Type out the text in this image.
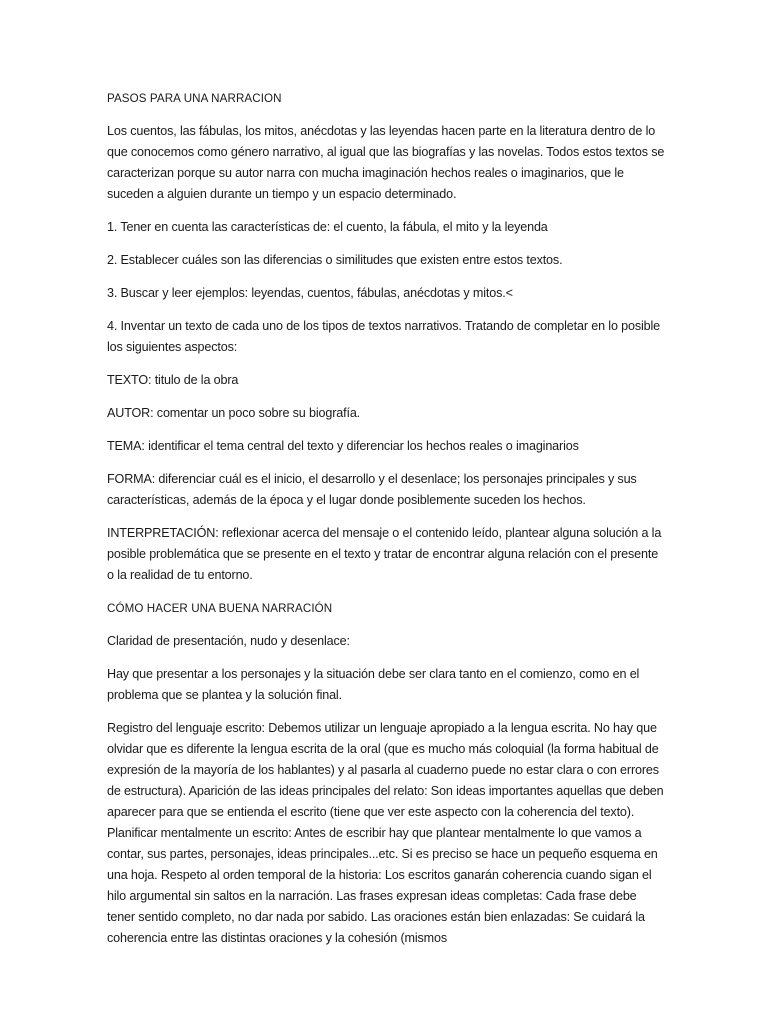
PASOS PARA UNA NARRACION

Los cuentos, las fábulas, los mitos, anécdotas y las leyendas hacen parte en la literatura dentro de lo que conocemos como género narrativo, al igual que las biografías y las novelas. Todos estos textos se caracterizan porque su autor narra con mucha imaginación hechos reales o imaginarios, que le suceden a alguien durante un tiempo y un espacio determinado.

1. Tener en cuenta las características de: el cuento, la fábula, el mito y la leyenda

2. Establecer cuáles son las diferencias o similitudes que existen entre estos textos.

3. Buscar y leer ejemplos: leyendas, cuentos, fábulas, anécdotas y mitos.<

4. Inventar un texto de cada uno de los tipos de textos narrativos. Tratando de completar en lo posible los siguientes aspectos:

TEXTO: titulo de la obra

AUTOR: comentar un poco sobre su biografía.

TEMA: identificar el tema central del texto y diferenciar los hechos reales o imaginarios

FORMA: diferenciar cuál es el inicio, el desarrollo y el desenlace; los personajes principales y sus características, además de la época y el lugar donde posiblemente suceden los hechos.

INTERPRETACIÓN: reflexionar acerca del mensaje o el contenido leído, plantear alguna solución a la posible problemática que se presente en el texto y tratar de encontrar alguna relación con el presente o la realidad de tu entorno.

CÓMO HACER UNA BUENA NARRACIÓN

Claridad de presentación, nudo y desenlace:

Hay que presentar a los personajes y la situación debe ser clara tanto en el comienzo, como en el problema que se plantea y la solución final.

Registro del lenguaje escrito: Debemos utilizar un lenguaje apropiado a la lengua escrita. No hay que olvidar que es diferente la lengua escrita de la oral (que es mucho más coloquial (la forma habitual de expresión de la mayoría de los hablantes) y al pasarla al cuaderno puede no estar clara o con errores de estructura). Aparición de las ideas principales del relato: Son ideas importantes aquellas que deben aparecer para que se entienda el escrito (tiene que ver este aspecto con la coherencia del texto). Planificar mentalmente un escrito: Antes de escribir hay que plantear mentalmente lo que vamos a contar, sus partes, personajes, ideas principales...etc. Si es preciso se hace un pequeño esquema en una hoja. Respeto al orden temporal de la historia: Los escritos ganarán coherencia cuando sigan el hilo argumental sin saltos en la narración. Las frases expresan ideas completas: Cada frase debe tener sentido completo, no dar nada por sabido. Las oraciones están bien enlazadas: Se cuidará la coherencia entre las distintas oraciones y la cohesión (mismos
